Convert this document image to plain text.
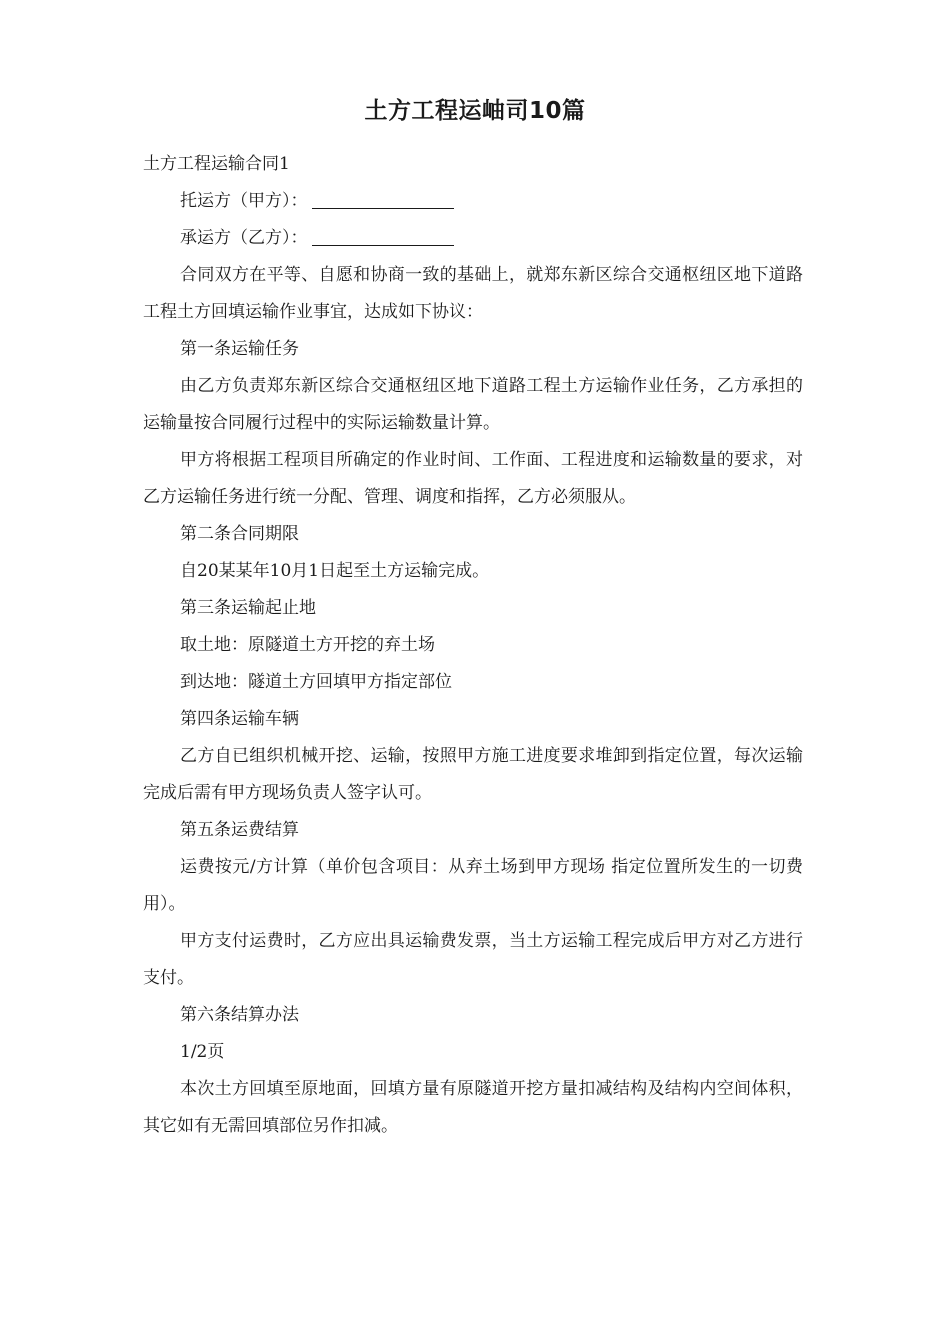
土方工程运岫司10篇

土方工程运输合同1

托运方（甲方）：

承运方（乙方）：

合同双方在平等、自愿和协商一致的基础上，就郑东新区综合交通枢纽区地下道路工程土方回填运输作业事宜，达成如下协议：

第一条运输任务

由乙方负责郑东新区综合交通枢纽区地下道路工程土方运输作业任务，乙方承担的运输量按合同履行过程中的实际运输数量计算。

甲方将根据工程项目所确定的作业时间、工作面、工程进度和运输数量的要求，对乙方运输任务进行统一分配、管理、调度和指挥，乙方必须服从。

第二条合同期限

自20某某年10月1日起至土方运输完成。

第三条运输起止地

取土地：原隧道土方开挖的弃土场

到达地：隧道土方回填甲方指定部位

第四条运输车辆

乙方自已组织机械开挖、运输，按照甲方施工进度要求堆卸到指定位置，每次运输完成后需有甲方现场负责人签字认可。

第五条运费结算

运费按元/方计算（单价包含项目：从弃土场到甲方现场 指定位置所发生的一切费用）。

甲方支付运费时，乙方应出具运输费发票，当土方运输工程完成后甲方对乙方进行支付。

第六条结算办法

1/2页

本次土方回填至原地面，回填方量有原隧道开挖方量扣减结构及结构内空间体积，其它如有无需回填部位另作扣减。
